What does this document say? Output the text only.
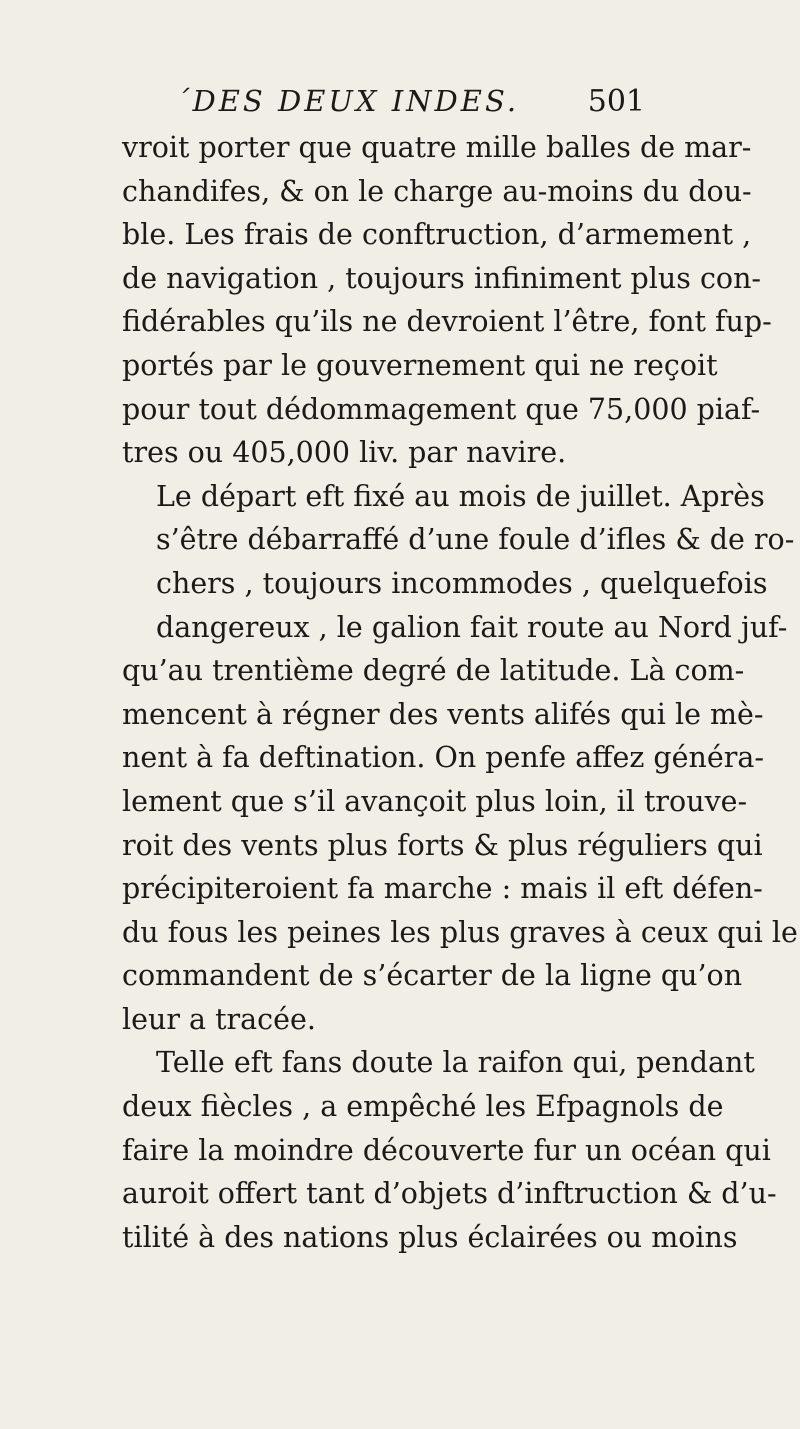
´DES DEUX INDES. 501
vroit porter que quatre mille balles de mar-
chandifes, & on le charge au-moins du dou-
ble. Les frais de conftruction, d’armement ,
de navigation , toujours infiniment plus con-
fidérables qu’ils ne devroient l’être, font fup-
portés par le gouvernement qui ne reçoit
pour tout dédommagement que 75,000 piaf-
tres ou 405,000 liv. par navire.
Le départ eft fixé au mois de juillet. Après
s’être débarraffé d’une foule d’ifles & de ro-
chers , toujours incommodes , quelquefois
dangereux , le galion fait route au Nord juf-
qu’au trentième degré de latitude. Là com-
mencent à régner des vents alifés qui le mè-
nent à fa deftination. On penfe affez généra-
lement que s’il avançoit plus loin, il trouve-
roit des vents plus forts & plus réguliers qui
précipiteroient fa marche : mais il eft défen-
du fous les peines les plus graves à ceux qui le
commandent de s’écarter de la ligne qu’on
leur a tracée.
Telle eft fans doute la raifon qui, pendant
deux fiècles , a empêché les Efpagnols de
faire la moindre découverte fur un océan qui
auroit offert tant d’objets d’inftruction & d’u-
tilité à des nations plus éclairées ou moins
